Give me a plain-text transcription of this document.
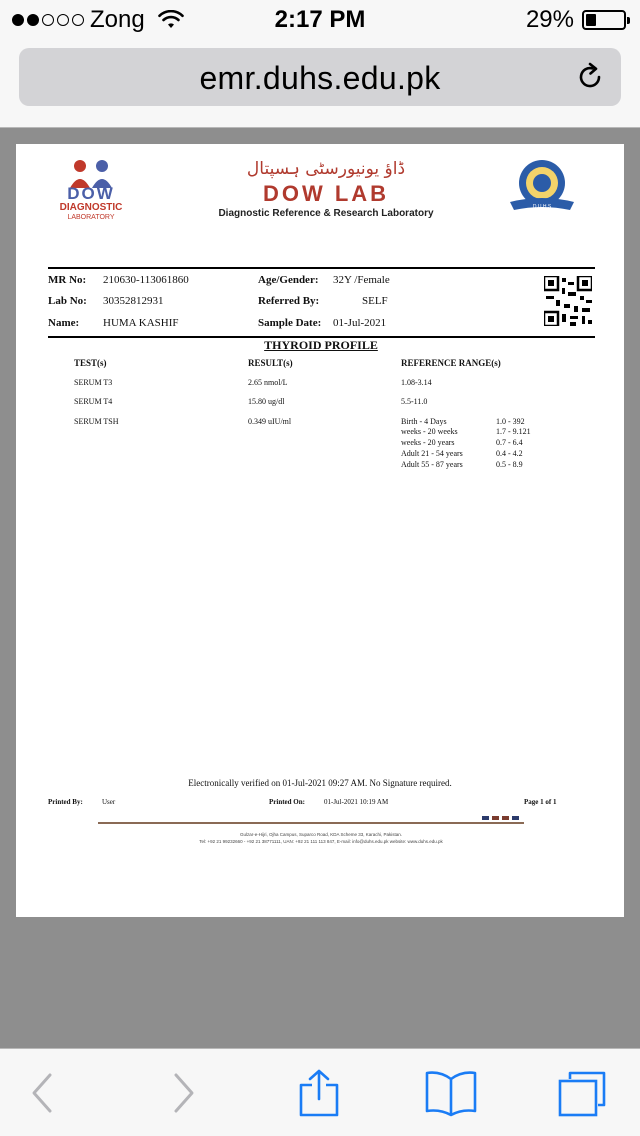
Zong	2:17 PM	29%
emr.duhs.edu.pk
DOW
DIAGNOSTIC
LABORATORY
ڈاؤ یونیورسٹی ہسپتال
DOW LAB
Diagnostic Reference & Research Laboratory
D.U.H.S
MR No: 210630-113061860	Age/Gender: 32Y /Female
Lab No: 30352812931	Referred By:	SELF
Name: HUMA KASHIF	Sample Date: 01-Jul-2021
THYROID PROFILE
TEST(s)	RESULT(s)	REFERENCE RANGE(s)
SERUM T3	2.65 nmol/L	1.08-3.14
SERUM T4	15.80 ug/dl	5.5-11.0
SERUM TSH	0.349 uIU/ml	Birth - 4 Days	1.0 - 392
weeks - 20 weeks	1.7 - 9.121
weeks - 20 years	0.7 - 6.4
Adult 21 - 54 years	0.4 - 4.2
Adult 55 - 87 years	0.5 - 8.9
Electronically verified on 01-Jul-2021 09:27 AM. No Signature required.
Printed By:	User	Printed On:	01-Jul-2021 10:19 AM	Page 1 of 1
Gulzar-e-Hijri, Ojha Campus, Suparco Road, KDA Scheme 33, Karachi, Pakistan.
Tel: +92 21 99232660 - +92 21 38771111, UAN: +92 21 111 113 847, E-mail: info@duhs.edu.pk website: www.duhs.edu.pk
